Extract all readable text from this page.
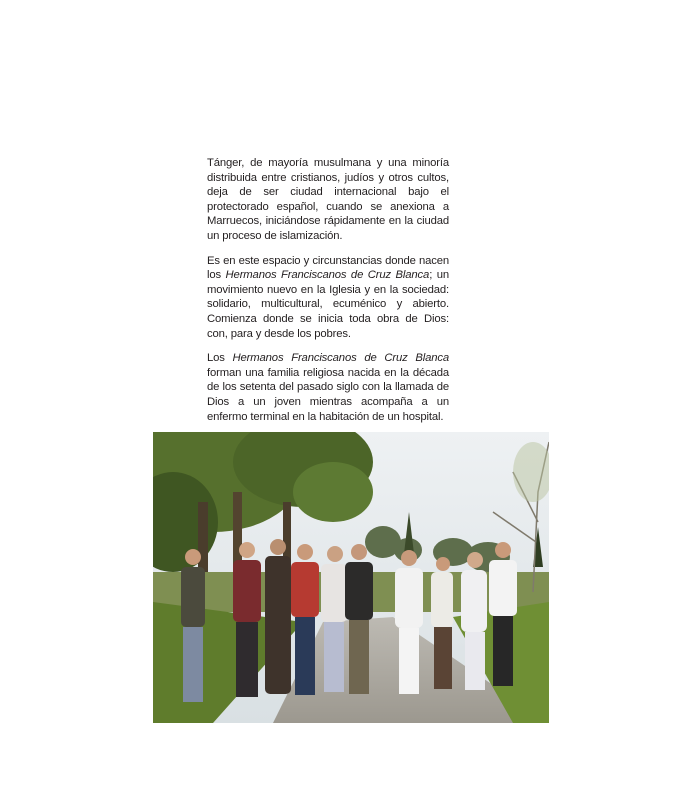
Tánger, de mayoría musulmana y una minoría distribuida entre cristianos, judíos y otros cultos, deja de ser ciudad internacional bajo el protectorado español, cuando se anexiona a Marruecos, iniciándose rápidamente en la ciudad un proceso de islamización.

Es en este espacio y circunstancias donde nacen los Hermanos Franciscanos de Cruz Blanca; un movimiento nuevo en la Iglesia y en la sociedad: solidario, multicultural, ecuménico y abierto. Comienza donde se inicia toda obra de Dios: con, para y desde los pobres.

Los Hermanos Franciscanos de Cruz Blanca forman una familia religiosa nacida en la década de los setenta del pasado siglo con la llamada de Dios a un joven mientras acompaña a un enfermo terminal en la habitación de un hospital.
